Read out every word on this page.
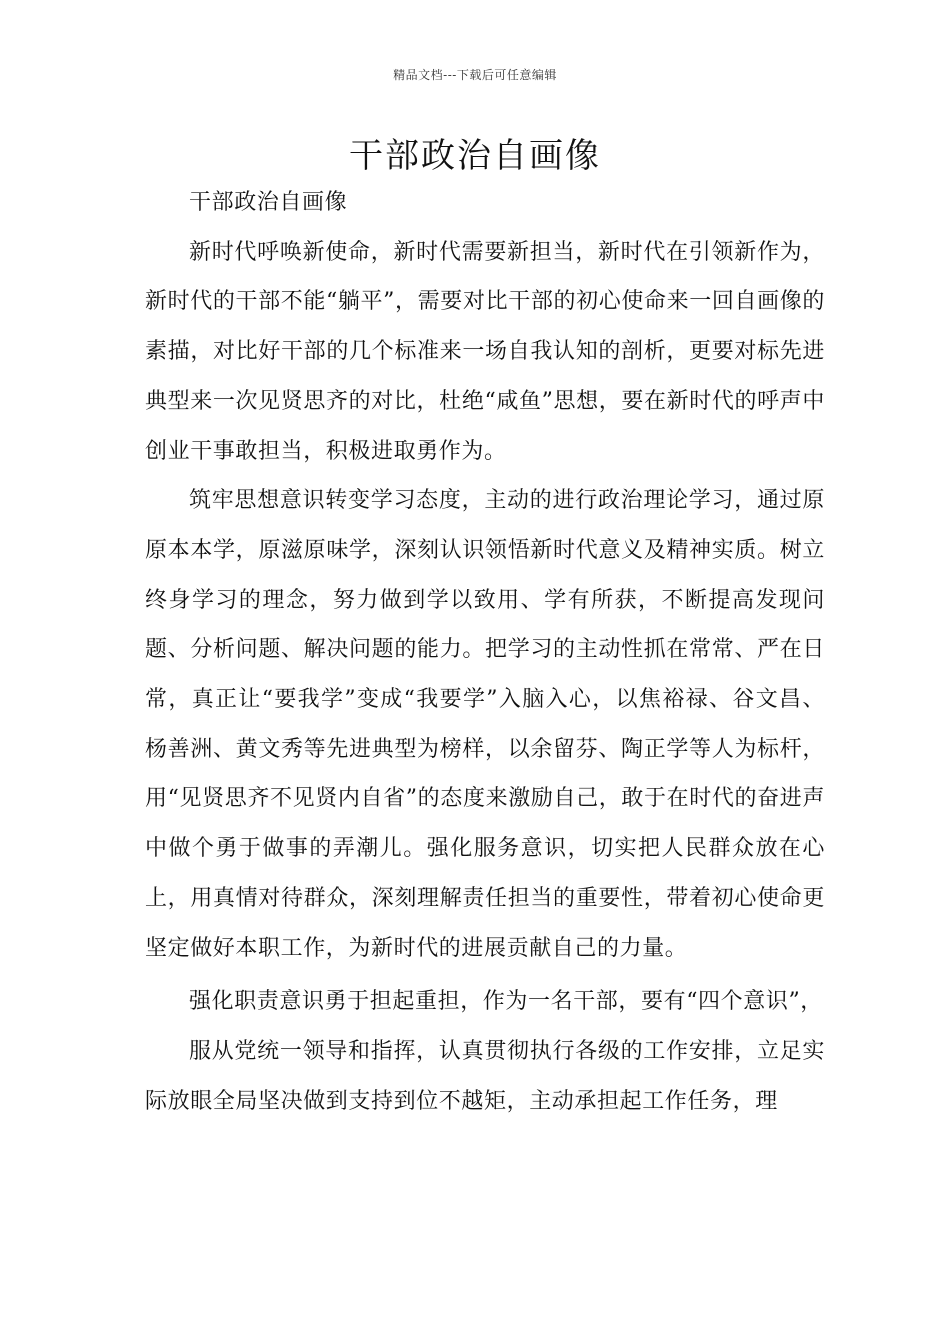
精品文档---下载后可任意编辑
干部政治自画像

干部政治自画像

新时代呼唤新使命，新时代需要新担当，新时代在引领新作为，新时代的干部不能“躺平”，需要对比干部的初心使命来一回自画像的素描，对比好干部的几个标准来一场自我认知的剖析，更要对标先进典型来一次见贤思齐的对比，杜绝“咸鱼”思想，要在新时代的呼声中创业干事敢担当，积极进取勇作为。

筑牢思想意识转变学习态度，主动的进行政治理论学习，通过原原本本学，原滋原味学，深刻认识领悟新时代意义及精神实质。树立终身学习的理念，努力做到学以致用、学有所获，不断提高发现问题、分析问题、解决问题的能力。把学习的主动性抓在常常、严在日常，真正让“要我学”变成“我要学”入脑入心，以焦裕禄、谷文昌、杨善洲、黄文秀等先进典型为榜样，以余留芬、陶正学等人为标杆，用“见贤思齐不见贤内自省”的态度来激励自己，敢于在时代的奋进声中做个勇于做事的弄潮儿。强化服务意识，切实把人民群众放在心上，用真情对待群众，深刻理解责任担当的重要性，带着初心使命更坚定做好本职工作，为新时代的进展贡献自己的力量。

强化职责意识勇于担起重担，作为一名干部，要有“四个意识”，

服从党统一领导和指挥，认真贯彻执行各级的工作安排，立足实际放眼全局坚决做到支持到位不越矩，主动承担起工作任务，理
